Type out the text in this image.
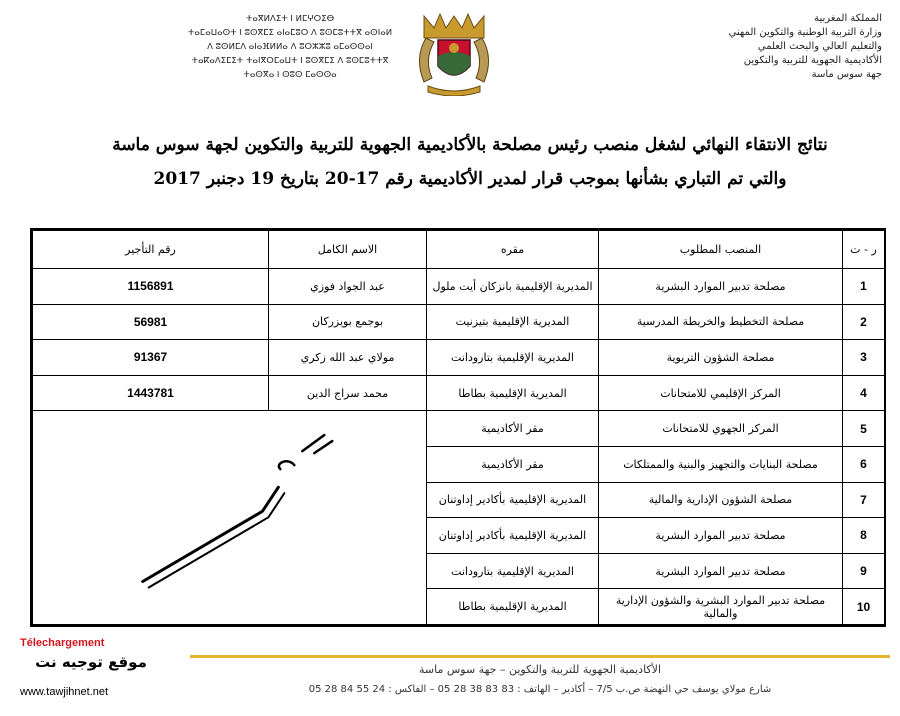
ⵜⴰⴳⵍⴷⵉⵜ ⵏ ⵍⵎⵖⵔⵉⴱ
ⵜⴰⵎⴰⵡⴰⵙⵜ ⵏ ⵓⵙⴳⵎⵉ ⴰⵏⴰⵎⵓⵔ ⴷ ⵓⵙⵎⵓⵜⵜⴳ ⴰⵙⵏⴰⵍ
ⴷ ⵓⵙⵍⵎⴷ ⴰⵏⴰⴼⵍⵍⴰ ⴷ ⵓⵔⵣⵣⵓ ⴰⵎⴰⵙⵙⴰⵏ
ⵜⴰⴽⴰⴷⵉⵎⵉⵜ ⵜⴰⵏⴳⵔⵎⴰⵡⵜ ⵏ ⵓⵙⴳⵎⵉ ⴷ ⵓⵙⵎⵓⵜⵜⴳ
ⵜⴰⵙⴳⴰ ⵏ ⵙⵓⵙ ⵎⴰⵙⵙⴰ
المملكة المغربية
وزارة التربية الوطنية والتكوين المهني
والتعليم العالي والبحث العلمي
الأكاديمية الجهوية للتربية والتكوين
جهة سوس ماسة
نتائج الانتقاء النهائي لشغل منصب رئيس مصلحة بالأكاديمية الجهوية للتربية والتكوين لجهة سوس ماسة
والتي تم التباري بشأنها بموجب قرار لمدير الأكاديمية رقم 17-20 بتاريخ 19 دجنبر 2017
ر - ت	المنصب المطلوب	مقره	الاسم الكامل	رقم التأجير
1	مصلحة تدبير الموارد البشرية	المديرية الإقليمية بانزكان أيت ملول	عبد الجواد فوزي	1156891
2	مصلحة التخطيط والخريطة المدرسية	المديرية الإقليمية بتيزنيت	بوجمع بويزركان	56981
3	مصلحة الشؤون التربوية	المديرية الإقليمية بتارودانت	مولاي عبد الله زكري	91367
4	المركز الإقليمي للامتحانات	المديرية الإقليمية بطاطا	محمد سراج الدين	1443781
5	المركز الجهوي للامتحانات	مقر الأكاديمية	

6	مصلحة البنايات والتجهيز والبنية والممتلكات	مقر الأكاديمية		
7	مصلحة الشؤون الإدارية والمالية	المديرية الإقليمية بأكادير إداوتنان		
8	مصلحة تدبير الموارد البشرية	المديرية الإقليمية بأكادير إداوتنان		
9	مصلحة تدبير الموارد البشرية	المديرية الإقليمية بتارودانت		
10	مصلحة تدبير الموارد البشرية والشؤون الإدارية والمالية	المديرية الإقليمية بطاطا		
Télechargement
موقع توجيه نت
www.tawjihnet.net
الأكاديمية الجهوية للتربية والتكوين – جهة سوس ماسة
شارع مولاي يوسف حي النهضة ص.ب 7/5 – أكادير – الهاتف : 83 83 38 28 05 – الفاكس : 24 55 84 28 05
